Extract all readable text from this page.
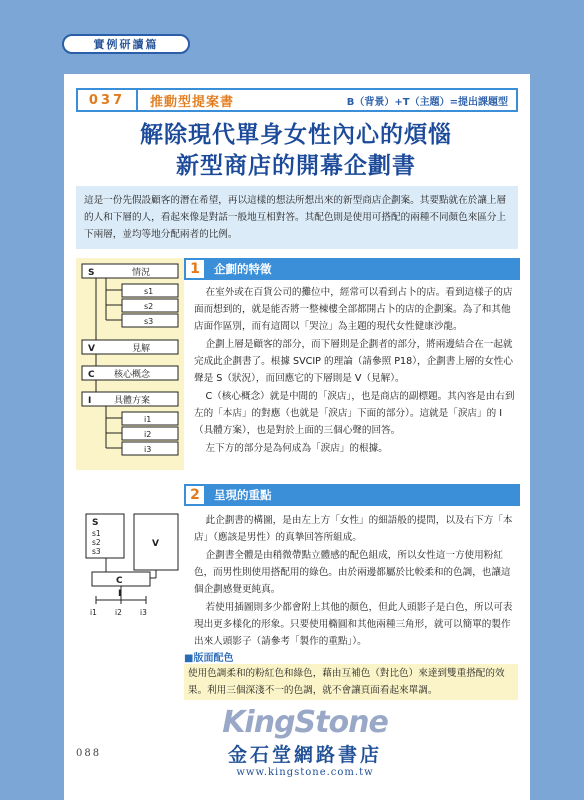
實例研讀篇
037	推動型提案書	B（背景）+T（主題）=提出課題型
解除現代單身女性內心的煩惱
新型商店的開幕企劃書
這是一份先假設顧客的潛在希望，再以這樣的想法所想出來的新型商店企劃案。其要點就在於讓上層的人和下層的人，看起來像是對話一般地互相對答。其配色則是使用可搭配的兩種不同顏色來區分上下兩層，並均等地分配兩者的比例。
S	情況
s1
s2
s3
V	見解
C 核心概念
I	具體方案
i1
i2
i3
S
s1
s2
s3
V
C
I
i1 i2 i3
1	企劃的特徵

在室外或在百貨公司的攤位中，經常可以看到占卜的店。看到這樣子的店面而想到的，就是能否將一整棟樓全部都開占卜的店的企劃案。為了和其他店面作區別，而有這間以「哭泣」為主題的現代女性健康沙龍。

企劃上層是顧客的部分，而下層則是企劃者的部分，將兩邊結合在一起就完成此企劃書了。根據 SVCIP 的理論（請參照 P18），企劃書上層的女性心聲是 S（狀況），而回應它的下層則是 V（見解）。

C（核心概念）就是中間的「淚店」，也是商店的副標題。其內容是由右到左的「本店」的對應（也就是「淚店」下面的部分）。這就是「淚店」的 I（具體方案），也是對於上面的三個心聲的回答。

左下方的部分是為何成為「淚店」的根據。

2	呈現的重點

此企劃書的構圖，是由左上方「女性」的細語般的提問，以及右下方「本店」（應該是男性）的真摯回答所組成。

企劃書全體是由稍微帶點立體感的配色組成，所以女性這一方使用粉紅色，而男性則使用搭配用的綠色。由於兩邊都屬於比較柔和的色調，也讓這個企劃感覺更純真。

若使用插圖則多少都會附上其他的顏色，但此人頭影子是白色，所以可表現出更多樣化的形象。只要使用橢圓和其他兩種三角形，就可以簡單的製作出來人頭影子（請參考「製作的重點」）。

■版面配色
使用色調柔和的粉紅色和綠色，藉由互補色（對比色）來達到雙重搭配的效果。利用三個深淺不一的色調，就不會讓頁面看起來單調。
088
KingStone
金石堂網路書店
www.kingstone.com.tw
